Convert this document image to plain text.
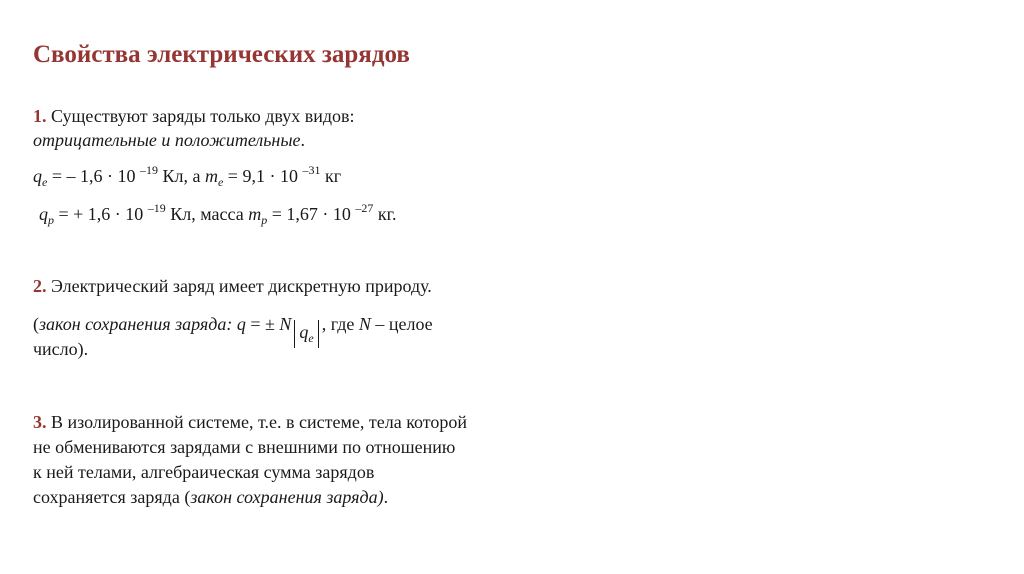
Свойства электрических зарядов
1. Существуют заряды только двух видов:
отрицательные и положительные.
$q_e$ = – 1,6 · 10 $^{-19}$ Кл, а $m_e = 9,1 \cdot 10$ $^{-31}$ кг
$q_p$ = + 1,6 · 10 $^{-19}$ Кл, масса $m_p = 1,67 \cdot 10$ $^{-27}$ кг.
2. Электрический заряд имеет дискретную природу.
(закон сохранения заряда: q = ± N $q_e$, где N – целое
число).
3. В изолированной системе, т.е. в системе, тела которой
не обмениваются зарядами с внешними по отношению
к ней телами, алгебраическая сумма зарядов
сохраняется заряда (закон сохранения заряда).
